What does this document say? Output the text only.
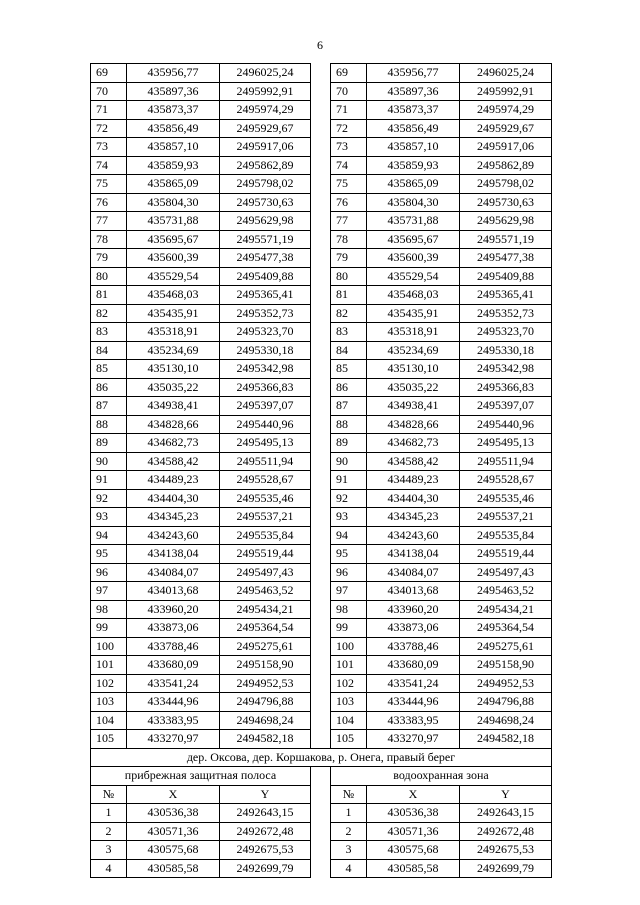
6
69	435956,77	2496025,24		69	435956,77	2496025,24
70	435897,36	2495992,91		70	435897,36	2495992,91
71	435873,37	2495974,29		71	435873,37	2495974,29
72	435856,49	2495929,67		72	435856,49	2495929,67
73	435857,10	2495917,06		73	435857,10	2495917,06
74	435859,93	2495862,89		74	435859,93	2495862,89
75	435865,09	2495798,02		75	435865,09	2495798,02
76	435804,30	2495730,63		76	435804,30	2495730,63
77	435731,88	2495629,98		77	435731,88	2495629,98
78	435695,67	2495571,19		78	435695,67	2495571,19
79	435600,39	2495477,38		79	435600,39	2495477,38
80	435529,54	2495409,88		80	435529,54	2495409,88
81	435468,03	2495365,41		81	435468,03	2495365,41
82	435435,91	2495352,73		82	435435,91	2495352,73
83	435318,91	2495323,70		83	435318,91	2495323,70
84	435234,69	2495330,18		84	435234,69	2495330,18
85	435130,10	2495342,98		85	435130,10	2495342,98
86	435035,22	2495366,83		86	435035,22	2495366,83
87	434938,41	2495397,07		87	434938,41	2495397,07
88	434828,66	2495440,96		88	434828,66	2495440,96
89	434682,73	2495495,13		89	434682,73	2495495,13
90	434588,42	2495511,94		90	434588,42	2495511,94
91	434489,23	2495528,67		91	434489,23	2495528,67
92	434404,30	2495535,46		92	434404,30	2495535,46
93	434345,23	2495537,21		93	434345,23	2495537,21
94	434243,60	2495535,84		94	434243,60	2495535,84
95	434138,04	2495519,44		95	434138,04	2495519,44
96	434084,07	2495497,43		96	434084,07	2495497,43
97	434013,68	2495463,52		97	434013,68	2495463,52
98	433960,20	2495434,21		98	433960,20	2495434,21
99	433873,06	2495364,54		99	433873,06	2495364,54
100	433788,46	2495275,61		100	433788,46	2495275,61
101	433680,09	2495158,90		101	433680,09	2495158,90
102	433541,24	2494952,53		102	433541,24	2494952,53
103	433444,96	2494796,88		103	433444,96	2494796,88
104	433383,95	2494698,24		104	433383,95	2494698,24
105	433270,97	2494582,18		105	433270,97	2494582,18
дер. Оксова, дер. Коршакова, р. Онега, правый берег						
прибрежная защитная полоса				водоохранная зона		
№	X	Y		№	X	Y
1	430536,38	2492643,15		1	430536,38	2492643,15
2	430571,36	2492672,48		2	430571,36	2492672,48
3	430575,68	2492675,53		3	430575,68	2492675,53
4	430585,58	2492699,79		4	430585,58	2492699,79
